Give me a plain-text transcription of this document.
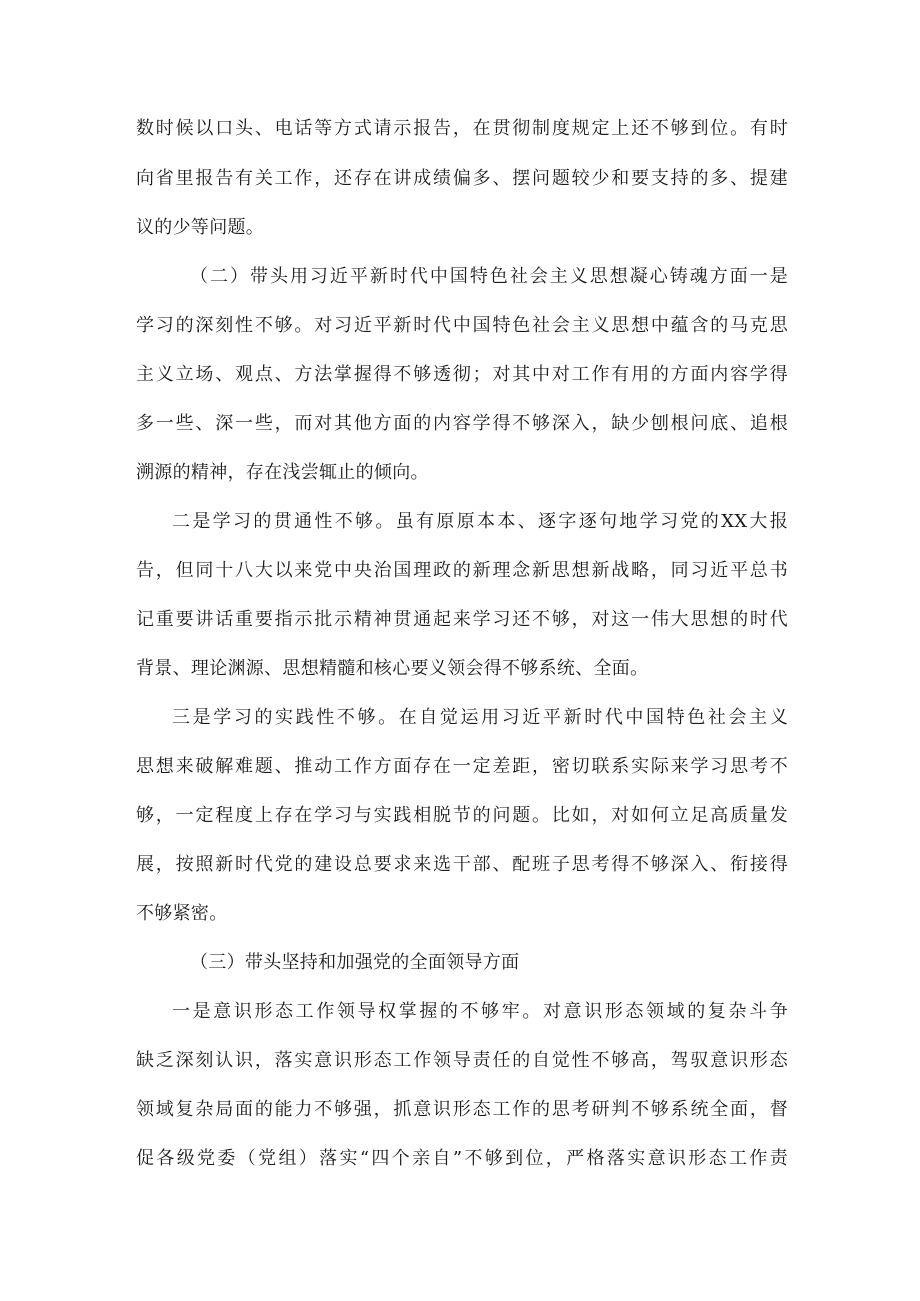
数时候以口头、电话等方式请示报告，在贯彻制度规定上还不够到位。有时
向省里报告有关工作，还存在讲成绩偏多、摆问题较少和要支持的多、提建
议的少等问题。
（二）带头用习近平新时代中国特色社会主义思想凝心铸魂方面一是
学习的深刻性不够。对习近平新时代中国特色社会主义思想中蕴含的马克思
主义立场、观点、方法掌握得不够透彻；对其中对工作有用的方面内容学得
多一些、深一些，而对其他方面的内容学得不够深入，缺少刨根问底、追根
溯源的精神，存在浅尝辄止的倾向。
二是学习的贯通性不够。虽有原原本本、逐字逐句地学习党的XX大报
告，但同十八大以来党中央治国理政的新理念新思想新战略，同习近平总书
记重要讲话重要指示批示精神贯通起来学习还不够，对这一伟大思想的时代
背景、理论渊源、思想精髓和核心要义领会得不够系统、全面。
三是学习的实践性不够。在自觉运用习近平新时代中国特色社会主义
思想来破解难题、推动工作方面存在一定差距，密切联系实际来学习思考不
够，一定程度上存在学习与实践相脱节的问题。比如，对如何立足高质量发
展，按照新时代党的建设总要求来选干部、配班子思考得不够深入、衔接得
不够紧密。
（三）带头坚持和加强党的全面领导方面
一是意识形态工作领导权掌握的不够牢。对意识形态领域的复杂斗争
缺乏深刻认识，落实意识形态工作领导责任的自觉性不够高，驾驭意识形态
领域复杂局面的能力不够强，抓意识形态工作的思考研判不够系统全面，督
促各级党委（党组）落实“四个亲自”不够到位，严格落实意识形态工作责
